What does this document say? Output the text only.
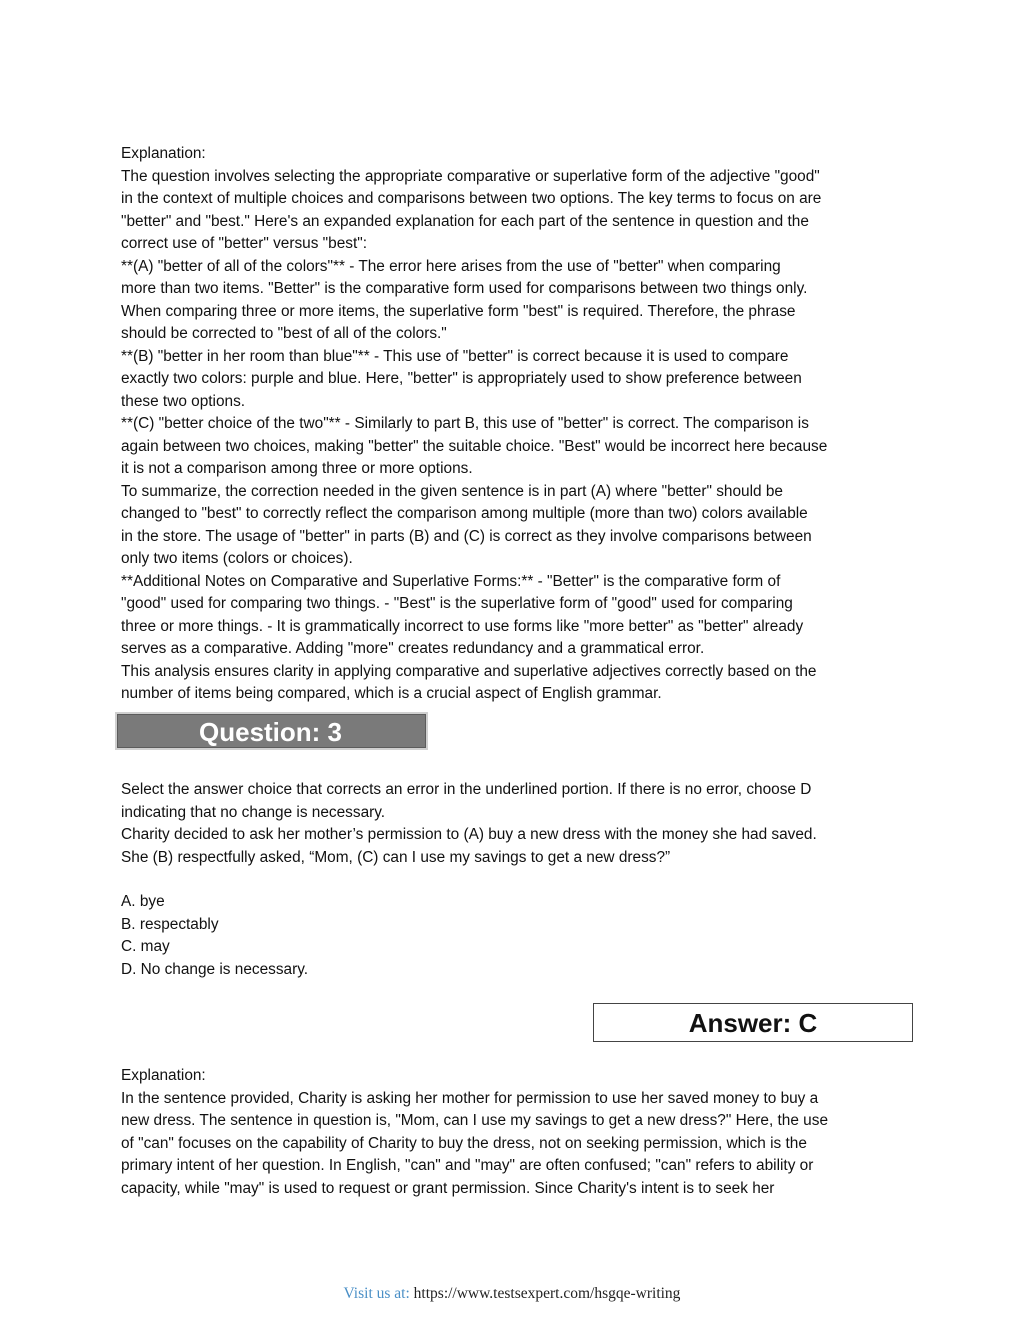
Explanation:

The question involves selecting the appropriate comparative or superlative form of the adjective "good"

in the context of multiple choices and comparisons between two options. The key terms to focus on are

"better" and "best." Here's an expanded explanation for each part of the sentence in question and the

correct use of "better" versus "best":

**(A) "better of all of the colors"** - The error here arises from the use of "better" when comparing

more than two items. "Better" is the comparative form used for comparisons between two things only.

When comparing three or more items, the superlative form "best" is required. Therefore, the phrase

should be corrected to "best of all of the colors."

**(B) "better in her room than blue"** - This use of "better" is correct because it is used to compare

exactly two colors: purple and blue. Here, "better" is appropriately used to show preference between

these two options.

**(C) "better choice of the two"** - Similarly to part B, this use of "better" is correct. The comparison is

again between two choices, making "better" the suitable choice. "Best" would be incorrect here because

it is not a comparison among three or more options.

To summarize, the correction needed in the given sentence is in part (A) where "better" should be

changed to "best" to correctly reflect the comparison among multiple (more than two) colors available

in the store. The usage of "better" in parts (B) and (C) is correct as they involve comparisons between

only two items (colors or choices).

**Additional Notes on Comparative and Superlative Forms:** - "Better" is the comparative form of

"good" used for comparing two things. - "Best" is the superlative form of "good" used for comparing

three or more things. - It is grammatically incorrect to use forms like "more better" as "better" already

serves as a comparative. Adding "more" creates redundancy and a grammatical error.

This analysis ensures clarity in applying comparative and superlative adjectives correctly based on the

number of items being compared, which is a crucial aspect of English grammar.

Question: 3

Select the answer choice that corrects an error in the underlined portion. If there is no error, choose D

indicating that no change is necessary.

Charity decided to ask her mother’s permission to (A) buy a new dress with the money she had saved.

She (B) respectfully asked, “Mom, (C) can I use my savings to get a new dress?”

A. bye

B. respectably

C. may

D. No change is necessary.

Answer: C

Explanation:

In the sentence provided, Charity is asking her mother for permission to use her saved money to buy a

new dress. The sentence in question is, "Mom, can I use my savings to get a new dress?" Here, the use

of "can" focuses on the capability of Charity to buy the dress, not on seeking permission, which is the

primary intent of her question. In English, "can" and "may" are often confused; "can" refers to ability or

capacity, while "may" is used to request or grant permission. Since Charity's intent is to seek her

Visit us at: https://www.testsexpert.com/hsgqe-writing
